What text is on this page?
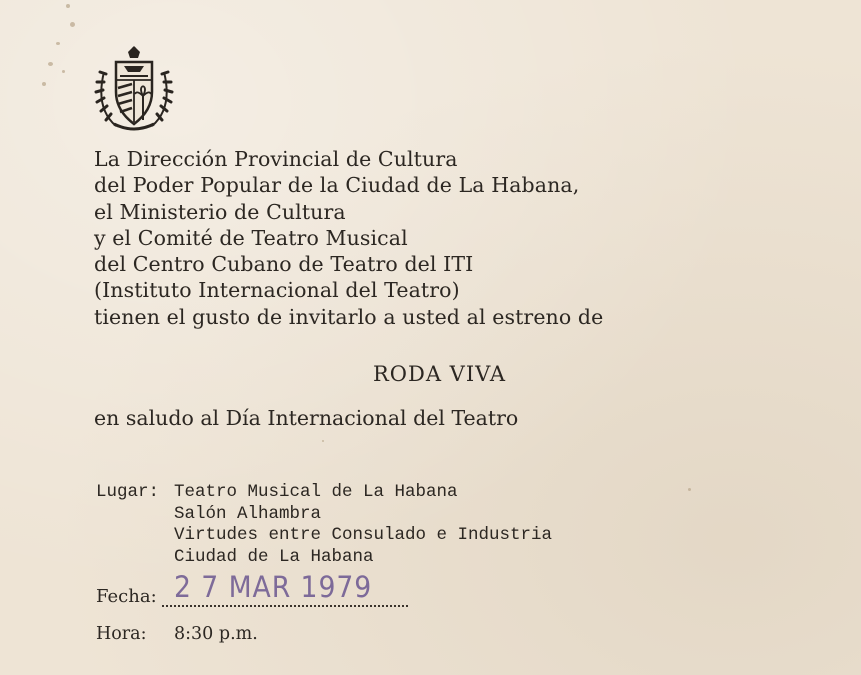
La Dirección Provincial de Cultura
del Poder Popular de la Ciudad de La Habana,
el Ministerio de Cultura
y el Comité de Teatro Musical
del Centro Cubano de Teatro del ITI
(Instituto Internacional del Teatro)
tienen el gusto de invitarlo a usted al estreno de
RODA VIVA
en saludo al Día Internacional del Teatro
Lugar: Teatro Musical de La Habana
Salón Alhambra
Virtudes entre Consulado e Industria
Ciudad de La Habana
Fecha: 2 7 MAR 1979
Hora: 8:30 p.m.
